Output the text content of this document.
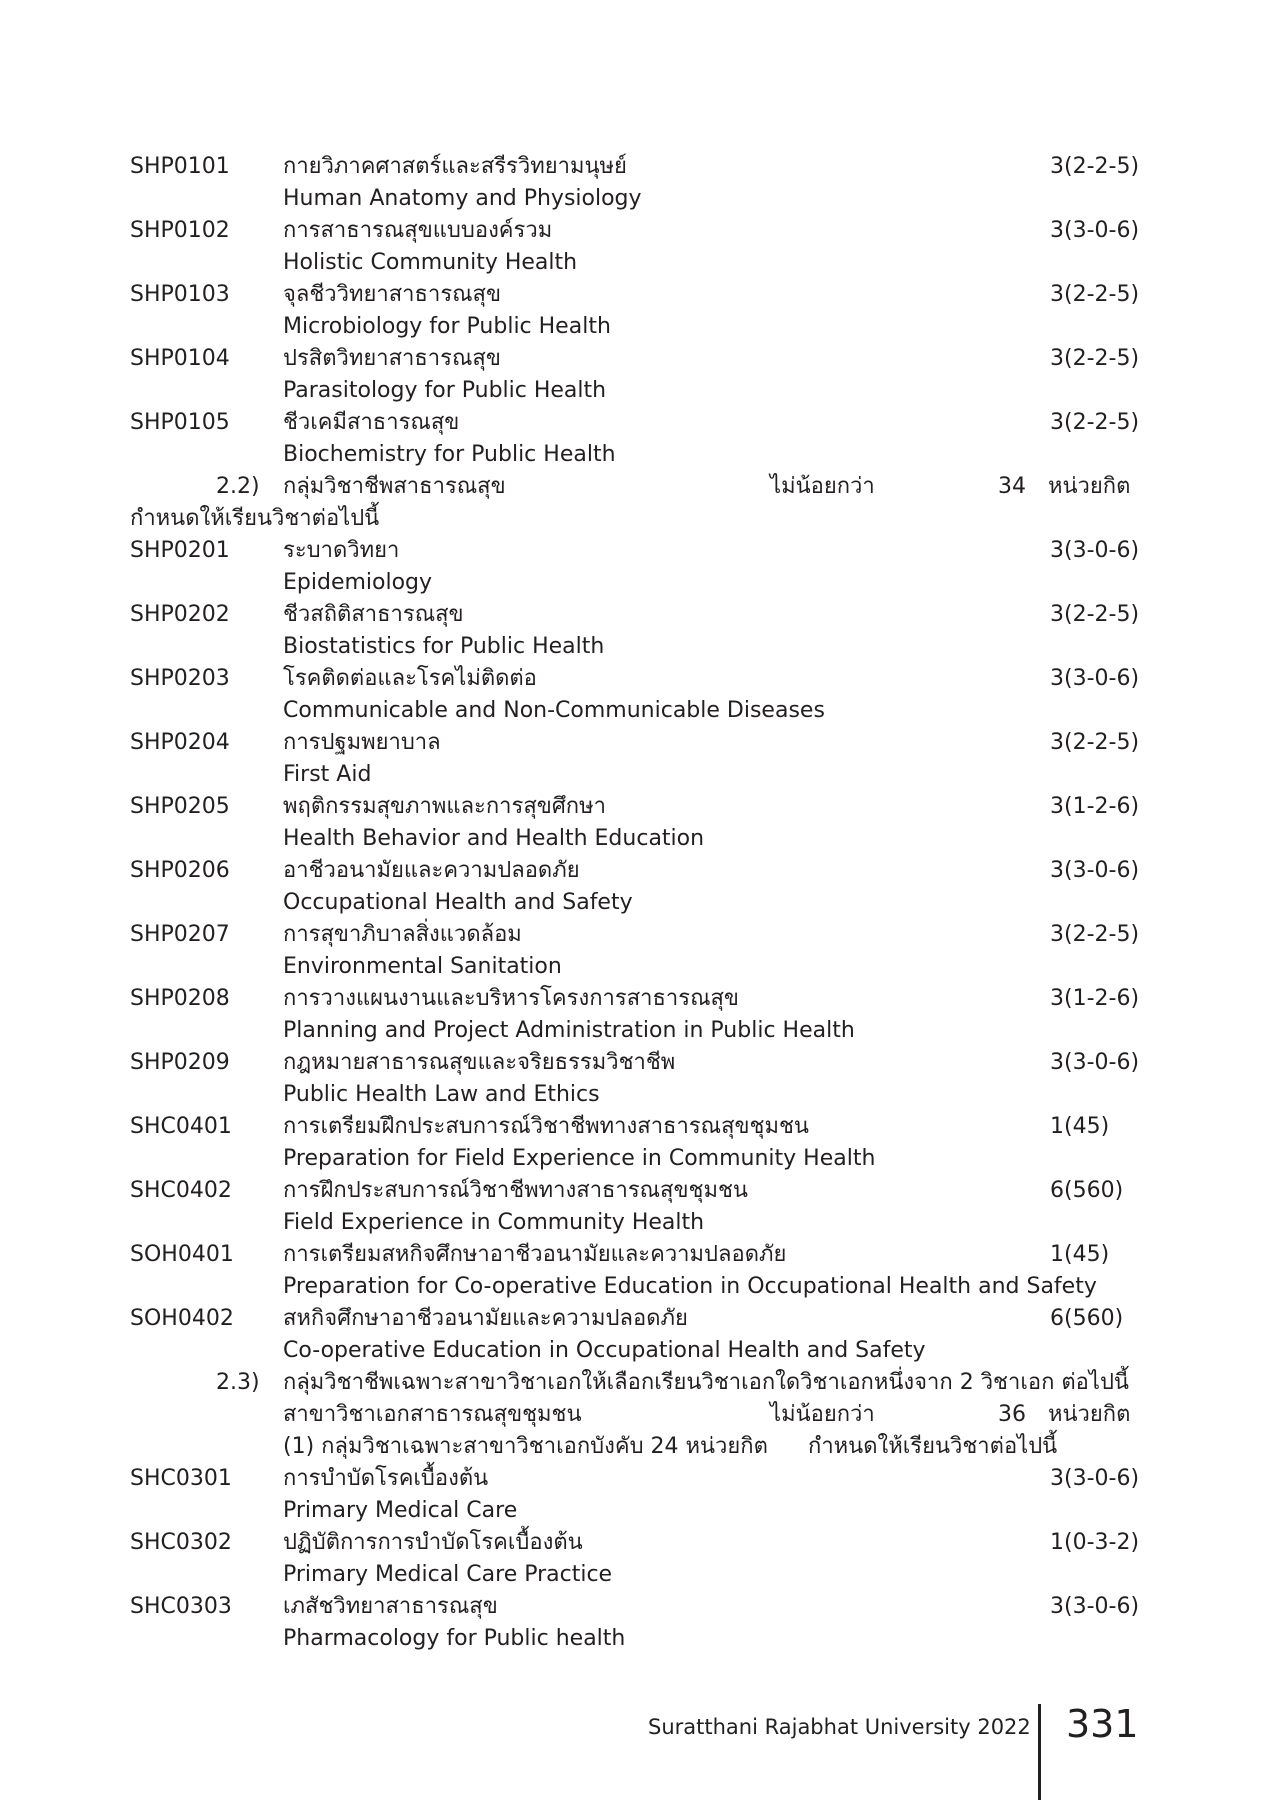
SHP0101 กายวิภาคศาสตร์และสรีรวิทยามนุษย์	3(2-2-5)
Human Anatomy and Physiology
SHP0102 การสาธารณสุขแบบองค์รวม	3(3-0-6)
Holistic Community Health
SHP0103 จุลชีววิทยาสาธารณสุข	3(2-2-5)
Microbiology for Public Health
SHP0104 ปรสิตวิทยาสาธารณสุข	3(2-2-5)
Parasitology for Public Health
SHP0105 ชีวเคมีสาธารณสุข	3(2-2-5)
Biochemistry for Public Health
2.2) กลุ่มวิชาชีพสาธารณสุข	ไม่น้อยกว่า	34 หน่วยกิต
กำหนดให้เรียนวิชาต่อไปนี้
SHP0201 ระบาดวิทยา	3(3-0-6)
Epidemiology
SHP0202 ชีวสถิติสาธารณสุข	3(2-2-5)
Biostatistics for Public Health
SHP0203 โรคติดต่อและโรคไม่ติดต่อ	3(3-0-6)
Communicable and Non-Communicable Diseases
SHP0204 การปฐมพยาบาล	3(2-2-5)
First Aid
SHP0205 พฤติกรรมสุขภาพและการสุขศึกษา	3(1-2-6)
Health Behavior and Health Education
SHP0206 อาชีวอนามัยและความปลอดภัย	3(3-0-6)
Occupational Health and Safety
SHP0207 การสุขาภิบาลสิ่งแวดล้อม	3(2-2-5)
Environmental Sanitation
SHP0208 การวางแผนงานและบริหารโครงการสาธารณสุข	3(1-2-6)
Planning and Project Administration in Public Health
SHP0209 กฎหมายสาธารณสุขและจริยธรรมวิชาชีพ	3(3-0-6)
Public Health Law and Ethics
SHC0401 การเตรียมฝึกประสบการณ์วิชาชีพทางสาธารณสุขชุมชน	1(45)
Preparation for Field Experience in Community Health
SHC0402 การฝึกประสบการณ์วิชาชีพทางสาธารณสุขชุมชน	6(560)
Field Experience in Community Health
SOH0401 การเตรียมสหกิจศึกษาอาชีวอนามัยและความปลอดภัย	1(45)
Preparation for Co-operative Education in Occupational Health and Safety
SOH0402 สหกิจศึกษาอาชีวอนามัยและความปลอดภัย	6(560)
Co-operative Education in Occupational Health and Safety
2.3) กลุ่มวิชาชีพเฉพาะสาขาวิชาเอกให้เลือกเรียนวิชาเอกใดวิชาเอกหนึ่งจาก 2 วิชาเอก ต่อไปนี้
สาขาวิชาเอกสาธารณสุขชุมชน	ไม่น้อยกว่า	36 หน่วยกิต
(1) กลุ่มวิชาเฉพาะสาขาวิชาเอกบังคับ 24 หน่วยกิต กำหนดให้เรียนวิชาต่อไปนี้
SHC0301 การบำบัดโรคเบื้องต้น	3(3-0-6)
Primary Medical Care
SHC0302 ปฏิบัติการการบำบัดโรคเบื้องต้น	1(0-3-2)
Primary Medical Care Practice
SHC0303 เภสัชวิทยาสาธารณสุข	3(3-0-6)
Pharmacology for Public health
Suratthani Rajabhat University 2022 331
